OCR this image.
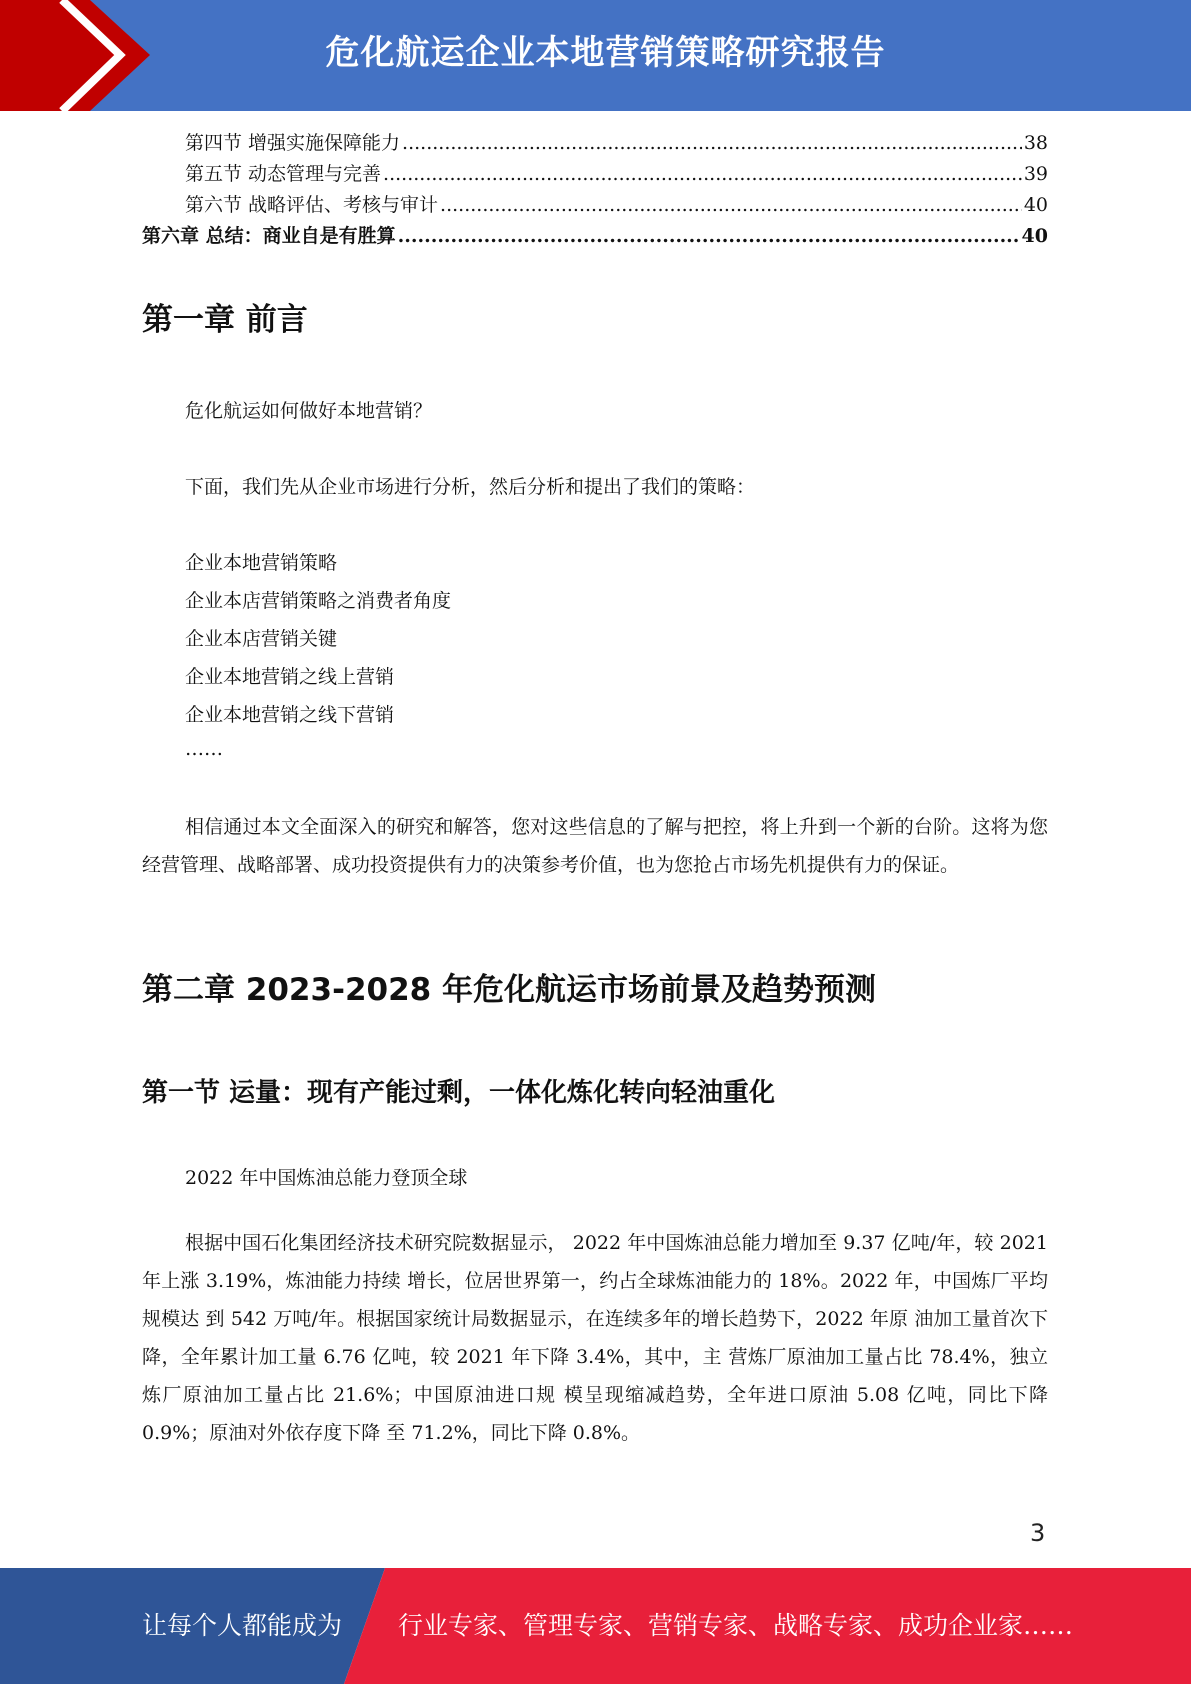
危化航运企业本地营销策略研究报告
第四节 增强实施保障能力 .....	38
第五节 动态管理与完善 .....	39
第六节 战略评估、考核与审计 .....	40
第六章 总结：商业自是有胜算 .....	40
第一章 前言

危化航运如何做好本地营销？

下面，我们先从企业市场进行分析，然后分析和提出了我们的策略：

企业本地营销策略
企业本店营销策略之消费者角度
企业本店营销关键
企业本地营销之线上营销
企业本地营销之线下营销
……

相信通过本文全面深入的研究和解答，您对这些信息的了解与把控，将上升到一个新的台阶。这将为您经营管理、战略部署、成功投资提供有力的决策参考价值，也为您抢占市场先机提供有力的保证。

第二章 2023-2028 年危化航运市场前景及趋势预测
第一节 运量：现有产能过剩，一体化炼化转向轻油重化

2022 年中国炼油总能力登顶全球

根据中国石化集团经济技术研究院数据显示， 2022 年中国炼油总能力增加至 9.37 亿吨/年，较 2021 年上涨 3.19%，炼油能力持续 增长，位居世界第一，约占全球炼油能力的 18%。2022 年，中国炼厂平均规模达 到 542 万吨/年。根据国家统计局数据显示，在连续多年的增长趋势下，2022 年原 油加工量首次下降，全年累计加工量 6.76 亿吨，较 2021 年下降 3.4%，其中，主 营炼厂原油加工量占比 78.4%，独立炼厂原油加工量占比 21.6%；中国原油进口规 模呈现缩减趋势，全年进口原油 5.08 亿吨，同比下降 0.9%；原油对外依存度下降 至 71.2%，同比下降 0.8%。

3
让每个人都能成为 行业专家、管理专家、营销专家、战略专家、成功企业家……
